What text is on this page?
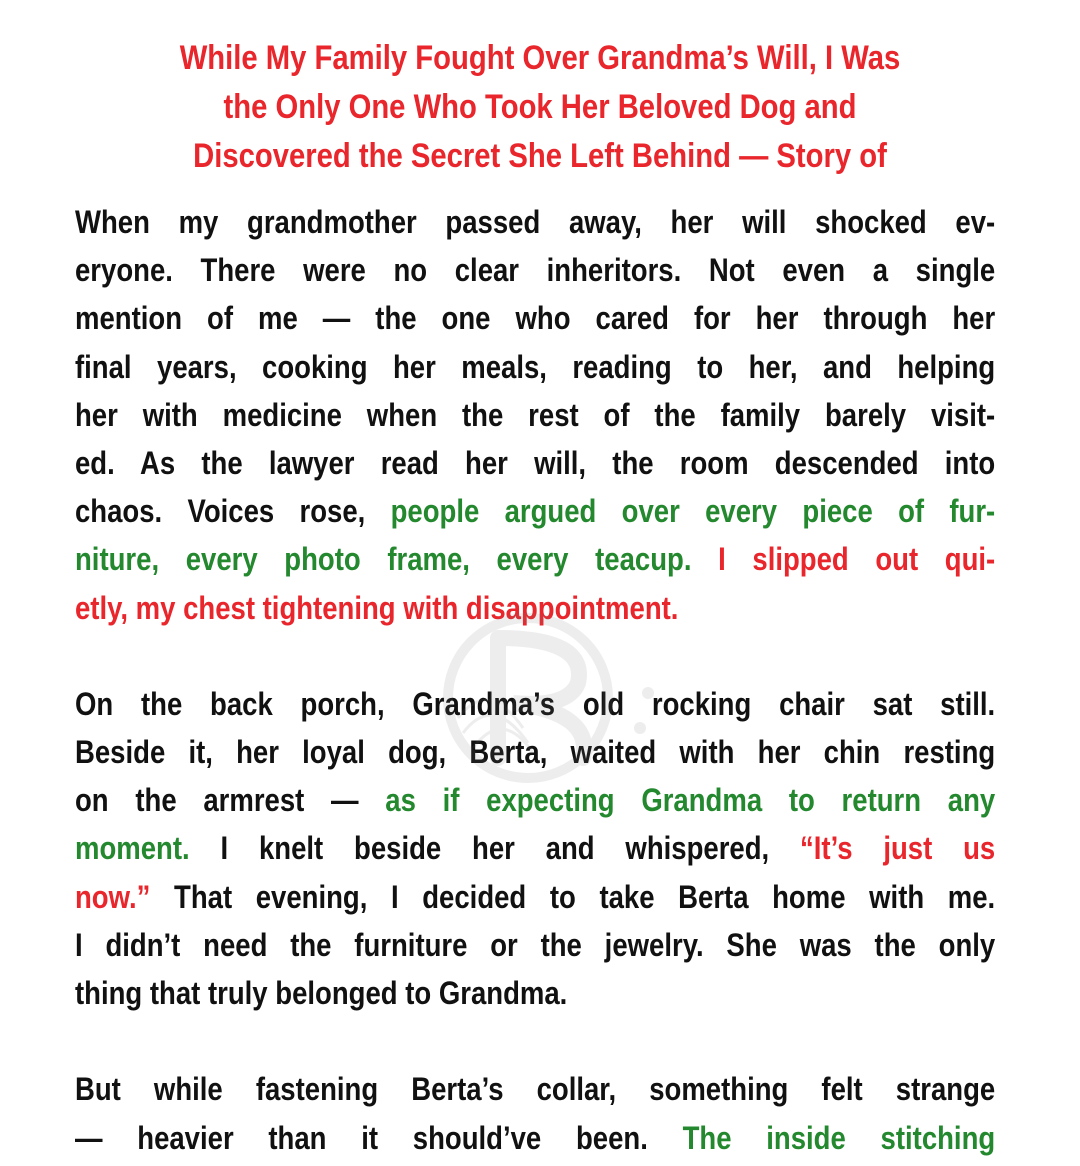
While My Family Fought Over Grandma’s Will, I Was
the Only One Who Took Her Beloved Dog and
Discovered the Secret She Left Behind — Story of
When my grandmother passed away, her will shocked ev-
eryone. There were no clear inheritors. Not even a single
mention of me — the one who cared for her through her
final years, cooking her meals, reading to her, and helping
her with medicine when the rest of the family barely visit-
ed. As the lawyer read her will, the room descended into
chaos. Voices rose, people argued over every piece of fur-
niture, every photo frame, every teacup. I slipped out qui-
etly, my chest tightening with disappointment.
On the back porch, Grandma’s old rocking chair sat still.
Beside it, her loyal dog, Berta, waited with her chin resting
on the armrest — as if expecting Grandma to return any
moment. I knelt beside her and whispered, “It’s just us
now.” That evening, I decided to take Berta home with me.
I didn’t need the furniture or the jewelry. She was the only
thing that truly belonged to Grandma.
But while fastening Berta’s collar, something felt strange
— heavier than it should’ve been. The inside stitching
